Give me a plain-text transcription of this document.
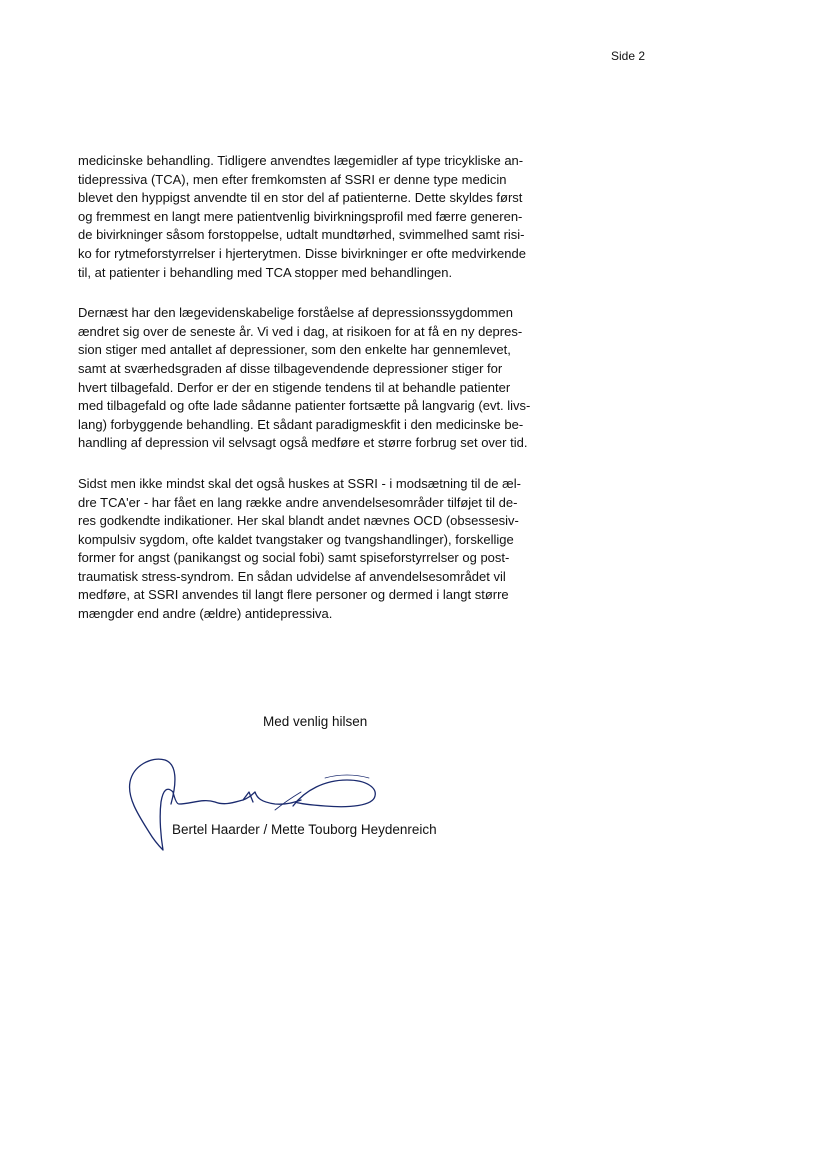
Side 2

medicinske behandling. Tidligere anvendtes lægemidler af type tricykliske an-
tidepressiva (TCA), men efter fremkomsten af SSRI er denne type medicin
blevet den hyppigst anvendte til en stor del af patienterne. Dette skyldes først
og fremmest en langt mere patientvenlig bivirkningsprofil med færre generen-
de bivirkninger såsom forstoppelse, udtalt mundtørhed, svimmelhed samt risi-
ko for rytmeforstyrrelser i hjerterytmen. Disse bivirkninger er ofte medvirkende
til, at patienter i behandling med TCA stopper med behandlingen.

Dernæst har den lægevidenskabelige forståelse af depressionssygdommen
ændret sig over de seneste år. Vi ved i dag, at risikoen for at få en ny depres-
sion stiger med antallet af depressioner, som den enkelte har gennemlevet,
samt at sværhedsgraden af disse tilbagevendende depressioner stiger for
hvert tilbagefald. Derfor er der en stigende tendens til at behandle patienter
med tilbagefald og ofte lade sådanne patienter fortsætte på langvarig (evt. livs-
lang) forbyggende behandling. Et sådant paradigmeskfit i den medicinske be-
handling af depression vil selvsagt også medføre et større forbrug set over tid.

Sidst men ikke mindst skal det også huskes at SSRI - i modsætning til de æl-
dre TCA'er - har fået en lang række andre anvendelsesområder tilføjet til de-
res godkendte indikationer. Her skal blandt andet nævnes OCD (obsessesiv-
kompulsiv sygdom, ofte kaldet tvangstaker og tvangshandlinger), forskellige
former for angst (panikangst og social fobi) samt spiseforstyrrelser og post-
traumatisk stress-syndrom. En sådan udvidelse af anvendelsesområdet vil
medføre, at SSRI anvendes til langt flere personer og dermed i langt større
mængder end andre (ældre) antidepressiva.

Med venlig hilsen
Bertel Haarder / Mette Touborg Heydenreich
